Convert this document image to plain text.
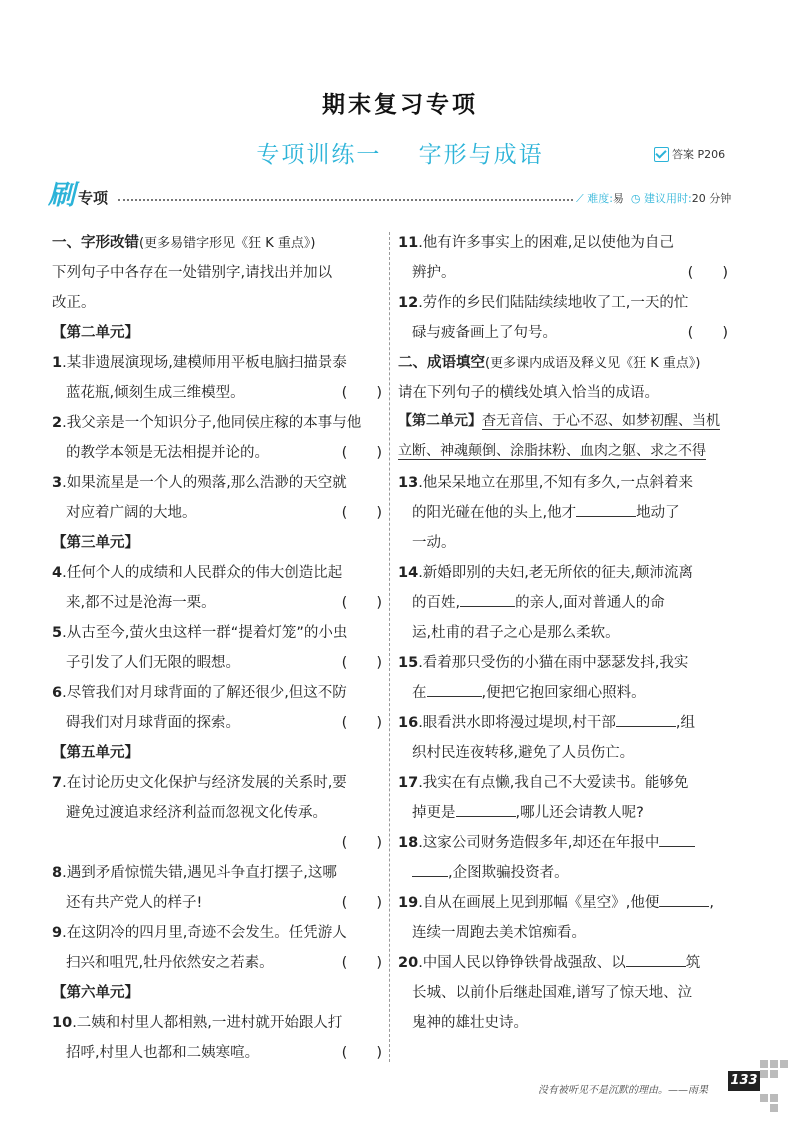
期末复习专项
专项训练一 字形与成语	答案 P206
刷 专项	⟋ 难度:易 ◷ 建议用时:20 分钟
一、字形改错(更多易错字形见《狂 K 重点》)
下列句子中各存在一处错别字,请找出并加以
改正。
【第二单元】
1.某非遗展演现场,建模师用平板电脑扫描景泰
蓝花瓶,倾刻生成三维模型。	(　　)
2.我父亲是一个知识分子,他同侯庄稼的本事与他
的教学本领是无法相提并论的。	(　　)
3.如果流星是一个人的殒落,那么浩渺的天空就
对应着广阔的大地。	(　　)
【第三单元】
4.任何个人的成绩和人民群众的伟大创造比起
来,都不过是沧海一栗。	(　　)
5.从古至今,萤火虫这样一群“提着灯笼”的小虫
子引发了人们无限的暇想。	(　　)
6.尽管我们对月球背面的了解还很少,但这不防
碍我们对月球背面的探索。	(　　)
【第五单元】
7.在讨论历史文化保护与经济发展的关系时,要
避免过渡追求经济利益而忽视文化传承。
(　　)
8.遇到矛盾惊慌失错,遇见斗争直打摆子,这哪
还有共产党人的样子!	(　　)
9.在这阴冷的四月里,奇迹不会发生。任凭游人
扫兴和咀咒,牡丹依然安之若素。	(　　)
【第六单元】
10.二姨和村里人都相熟,一进村就开始跟人打
招呼,村里人也都和二姨寒喧。	(　　)
11.他有许多事实上的困难,足以使他为自己
辨护。	(　　)
12.劳作的乡民们陆陆续续地收了工,一天的忙
碌与疲备画上了句号。	(　　)
二、成语填空(更多课内成语及释义见《狂 K 重点》)
请在下列句子的横线处填入恰当的成语。
【第二单元】杳无音信、于心不忍、如梦初醒、当机
立断、神魂颠倒、涂脂抹粉、血肉之躯、求之不得
13.他呆呆地立在那里,不知有多久,一点斜着来
的阳光碰在他的头上,他才	地动了
一动。
14.新婚即别的夫妇,老无所依的征夫,颠沛流离
的百姓,	的亲人,面对普通人的命
运,杜甫的君子之心是那么柔软。
15.看着那只受伤的小猫在雨中瑟瑟发抖,我实
在	,便把它抱回家细心照料。
16.眼看洪水即将漫过堤坝,村干部	,组
织村民连夜转移,避免了人员伤亡。
17.我实在有点懒,我自己不大爱读书。能够免
掉更是	,哪儿还会请教人呢?
18.这家公司财务造假多年,却还在年报中
,企图欺骗投资者。
19.自从在画展上见到那幅《星空》,他便	,
连续一周跑去美术馆痴看。
20.中国人民以铮铮铁骨战强敌、以	筑
长城、以前仆后继赴国难,谱写了惊天地、泣
鬼神的雄壮史诗。
没有被听见不是沉默的理由。——雨果
133
